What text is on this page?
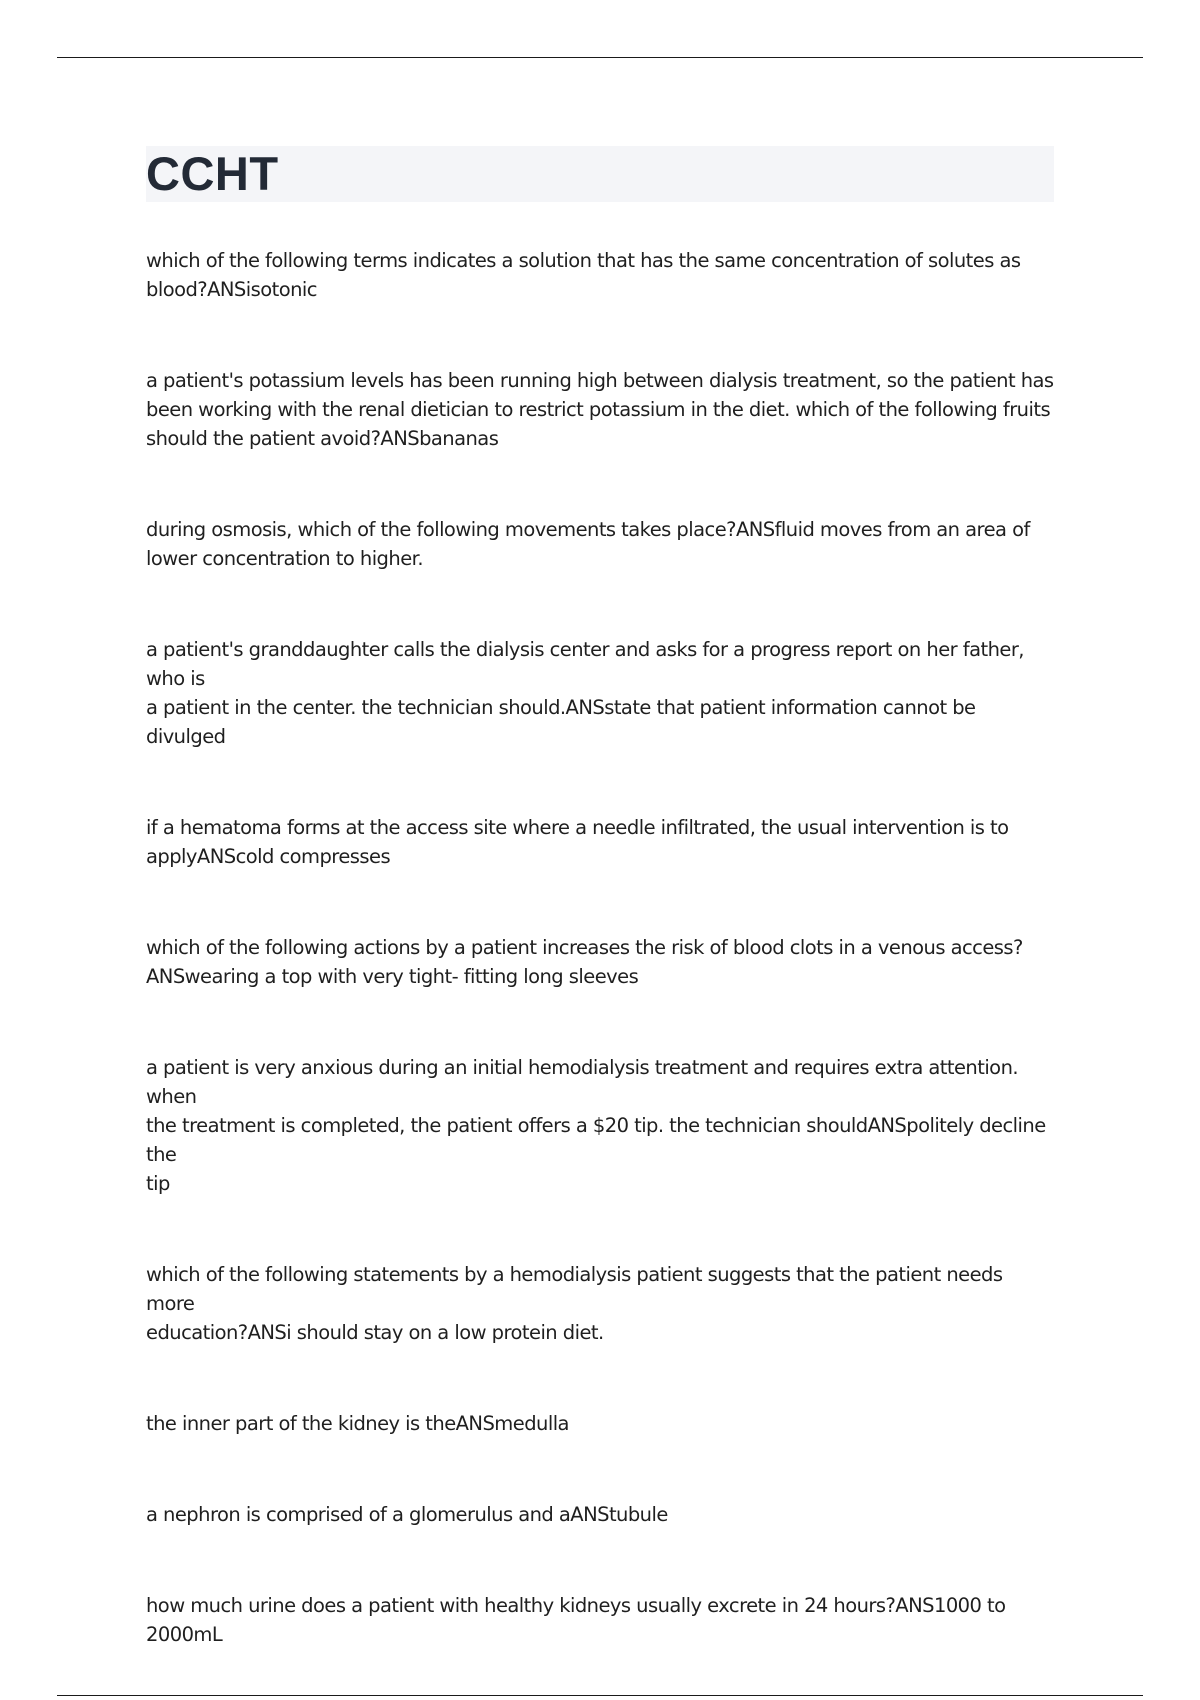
CCHT

which of the following terms indicates a solution that has the same concentration of solutes as
blood?ANSisotonic

a patient's potassium levels has been running high between dialysis treatment, so the patient has
been working with the renal dietician to restrict potassium in the diet. which of the following fruits
should the patient avoid?ANSbananas

during osmosis, which of the following movements takes place?ANSfluid moves from an area of
lower concentration to higher.

a patient's granddaughter calls the dialysis center and asks for a progress report on her father, who is
a patient in the center. the technician should.ANSstate that patient information cannot be divulged

if a hematoma forms at the access site where a needle infiltrated, the usual intervention is to
applyANScold compresses

which of the following actions by a patient increases the risk of blood clots in a venous access?
ANSwearing a top with very tight- fitting long sleeves

a patient is very anxious during an initial hemodialysis treatment and requires extra attention. when
the treatment is completed, the patient offers a $20 tip. the technician shouldANSpolitely decline the
tip

which of the following statements by a hemodialysis patient suggests that the patient needs more
education?ANSi should stay on a low protein diet.

the inner part of the kidney is theANSmedulla

a nephron is comprised of a glomerulus and aANStubule

how much urine does a patient with healthy kidneys usually excrete in 24 hours?ANS1000 to 2000mL
